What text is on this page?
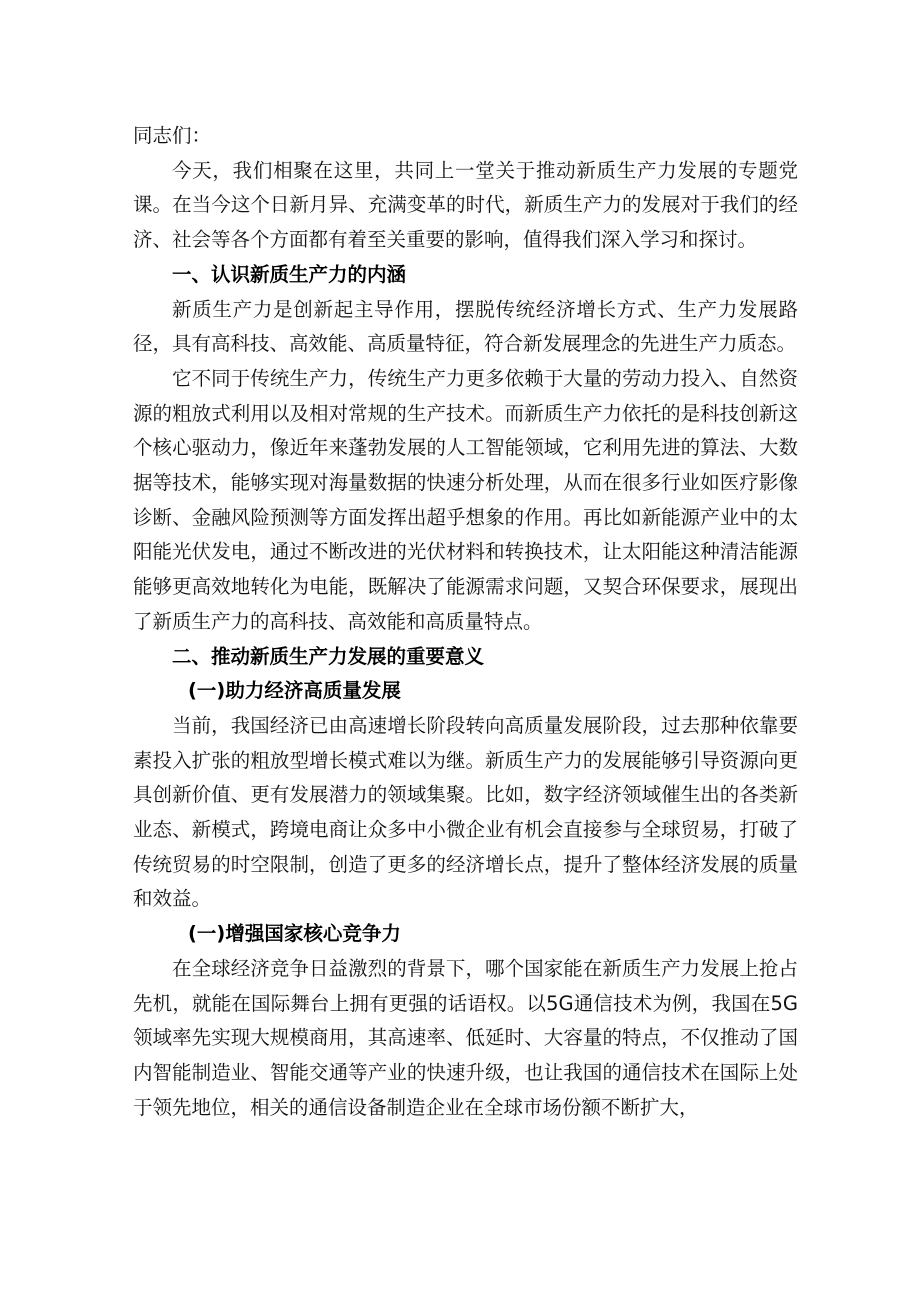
同志们：

今天，我们相聚在这里，共同上一堂关于推动新质生产力发展的专题党课。在当今这个日新月异、充满变革的时代，新质生产力的发展对于我们的经济、社会等各个方面都有着至关重要的影响，值得我们深入学习和探讨。

一、认识新质生产力的内涵

新质生产力是创新起主导作用，摆脱传统经济增长方式、生产力发展路径，具有高科技、高效能、高质量特征，符合新发展理念的先进生产力质态。

它不同于传统生产力，传统生产力更多依赖于大量的劳动力投入、自然资源的粗放式利用以及相对常规的生产技术。而新质生产力依托的是科技创新这个核心驱动力，像近年来蓬勃发展的人工智能领域，它利用先进的算法、大数据等技术，能够实现对海量数据的快速分析处理，从而在很多行业如医疗影像诊断、金融风险预测等方面发挥出超乎想象的作用。再比如新能源产业中的太阳能光伏发电，通过不断改进的光伏材料和转换技术，让太阳能这种清洁能源能够更高效地转化为电能，既解决了能源需求问题，又契合环保要求，展现出了新质生产力的高科技、高效能和高质量特点。

二、推动新质生产力发展的重要意义

(一)助力经济高质量发展

当前，我国经济已由高速增长阶段转向高质量发展阶段，过去那种依靠要素投入扩张的粗放型增长模式难以为继。新质生产力的发展能够引导资源向更具创新价值、更有发展潜力的领域集聚。比如，数字经济领域催生出的各类新业态、新模式，跨境电商让众多中小微企业有机会直接参与全球贸易，打破了传统贸易的时空限制，创造了更多的经济增长点，提升了整体经济发展的质量和效益。

(一)增强国家核心竞争力

在全球经济竞争日益激烈的背景下，哪个国家能在新质生产力发展上抢占先机，就能在国际舞台上拥有更强的话语权。以5G通信技术为例，我国在5G领域率先实现大规模商用，其高速率、低延时、大容量的特点，不仅推动了国内智能制造业、智能交通等产业的快速升级，也让我国的通信技术在国际上处于领先地位，相关的通信设备制造企业在全球市场份额不断扩大，
